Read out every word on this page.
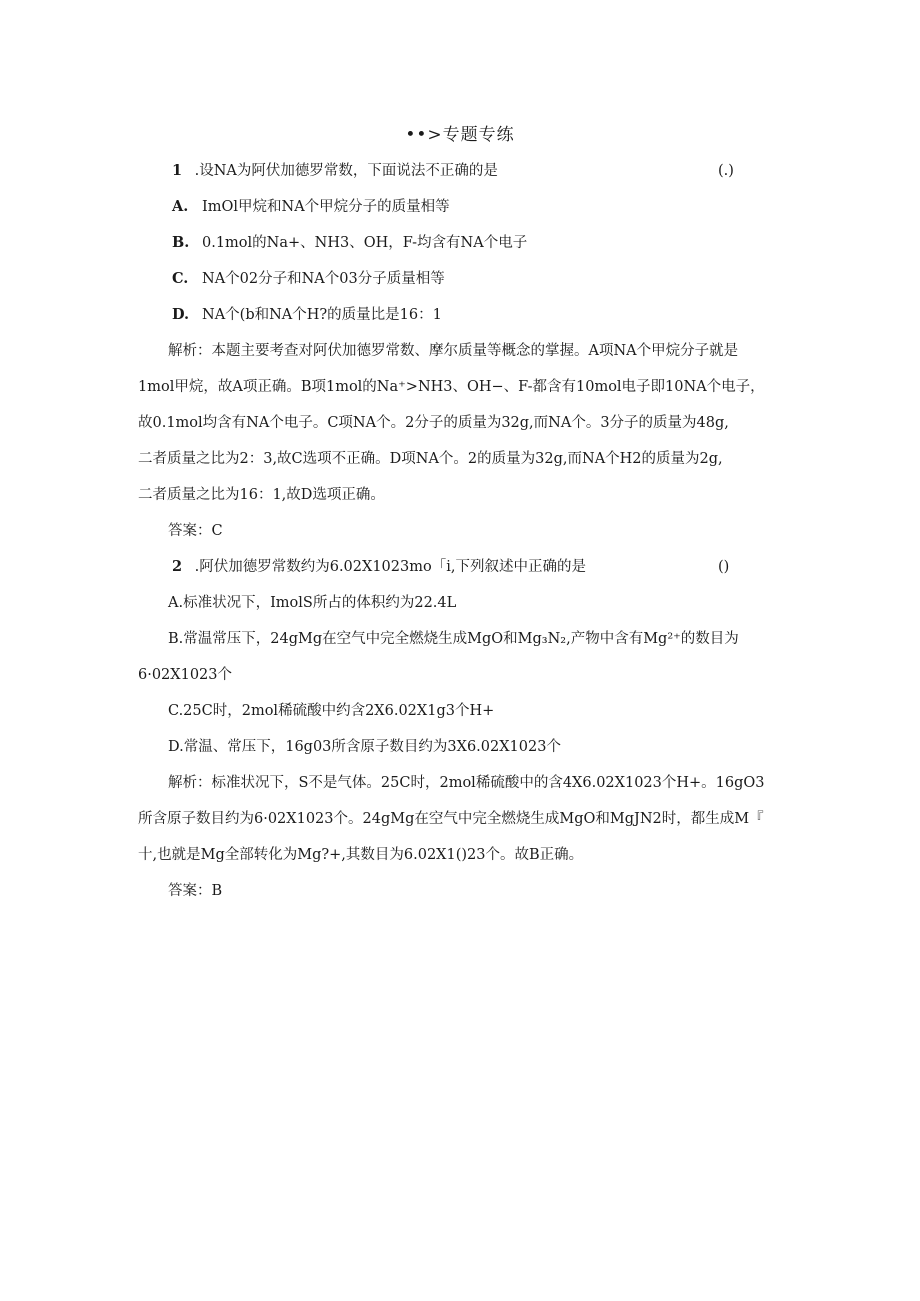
••>专题专练
1 .设NA为阿伏加德罗常数，下面说法不正确的是	(.)
A. ImOl甲烷和NA个甲烷分子的质量相等
B. 0.1mol的Na+、NH3、OH，F-均含有NA个电子
C. NA个02分子和NA个03分子质量相等
D. NA个(b和NA个H?的质量比是16：1
解析：本题主要考查对阿伏加德罗常数、摩尔质量等概念的掌握。A项NA个甲烷分子就是
1mol甲烷，故A项正确。B项1mol的Na⁺>NH3、OH−、F-都含有10mol电子即10NA个电子，
故0.1mol均含有NA个电子。C项NA个。2分子的质量为32g,而NA个。3分子的质量为48g,
二者质量之比为2：3,故C选项不正确。D项NA个。2的质量为32g,而NA个H2的质量为2g,
二者质量之比为16：1,故D选项正确。
答案：C
2 .阿伏加德罗常数约为6.02X1023mo「i,下列叙述中正确的是	()
A.标准状况下，ImolS所占的体积约为22.4L
B.常温常压下，24gMg在空气中完全燃烧生成MgO和Mg₃N₂,产物中含有Mg²⁺的数目为
6·02X1023个
C.25C时，2mol稀硫酸中约含2X6.02X1g3个H+
D.常温、常压下，16g03所含原子数目约为3X6.02X1023个
解析：标准状况下，S不是气体。25C时，2mol稀硫酸中的含4X6.02X1023个H+。16gO3
所含原子数目约为6·02X1023个。24gMg在空气中完全燃烧生成MgO和MgJN2时，都生成M『
十,也就是Mg全部转化为Mg?+,其数目为6.02X1()23个。故B正确。
答案：B
